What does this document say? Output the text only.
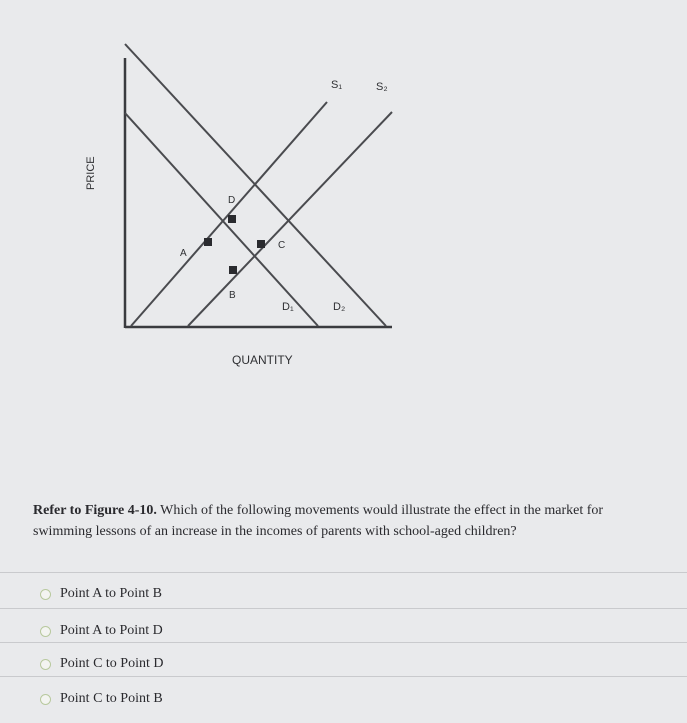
PRICE
QUANTITY
S₁	S₂
D₁	D₂
A
B
C
D

Refer to Figure 4-10. Which of the following movements would illustrate the effect in the market for swimming lessons of an increase in the incomes of parents with school-aged children?

Point A to Point B
Point A to Point D
Point C to Point D
Point C to Point B
